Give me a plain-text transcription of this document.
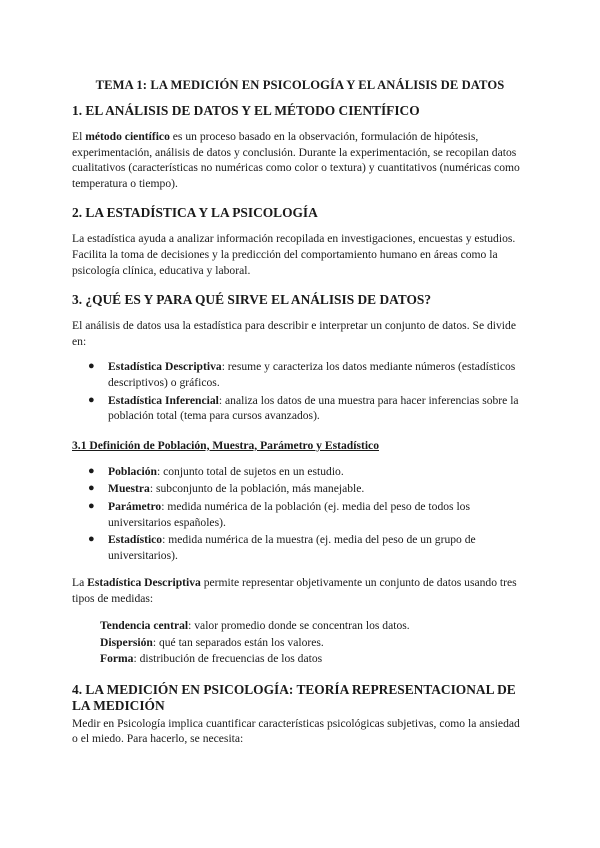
TEMA 1: LA MEDICIÓN EN PSICOLOGÍA Y EL ANÁLISIS DE DATOS
1. EL ANÁLISIS DE DATOS Y EL MÉTODO CIENTÍFICO

El método científico es un proceso basado en la observación, formulación de hipótesis, experimentación, análisis de datos y conclusión. Durante la experimentación, se recopilan datos cualitativos (características no numéricas como color o textura) y cuantitativos (numéricas como temperatura o tiempo).

2. LA ESTADÍSTICA Y LA PSICOLOGÍA

La estadística ayuda a analizar información recopilada en investigaciones, encuestas y estudios. Facilita la toma de decisiones y la predicción del comportamiento humano en áreas como la psicología clínica, educativa y laboral.

3. ¿QUÉ ES Y PARA QUÉ SIRVE EL ANÁLISIS DE DATOS?

El análisis de datos usa la estadística para describir e interpretar un conjunto de datos. Se divide en:

● Estadística Descriptiva: resume y caracteriza los datos mediante números (estadísticos descriptivos) o gráficos.
● Estadística Inferencial: analiza los datos de una muestra para hacer inferencias sobre la población total (tema para cursos avanzados).
3.1 Definición de Población, Muestra, Parámetro y Estadístico
● Población: conjunto total de sujetos en un estudio.
● Muestra: subconjunto de la población, más manejable.
● Parámetro: medida numérica de la población (ej. media del peso de todos los universitarios españoles).
● Estadístico: medida numérica de la muestra (ej. media del peso de un grupo de universitarios).

La Estadística Descriptiva permite representar objetivamente un conjunto de datos usando tres tipos de medidas:

Tendencia central: valor promedio donde se concentran los datos.
Dispersión: qué tan separados están los valores.
Forma: distribución de frecuencias de los datos
4. LA MEDICIÓN EN PSICOLOGÍA: TEORÍA REPRESENTACIONAL DE LA MEDICIÓN

Medir en Psicología implica cuantificar características psicológicas subjetivas, como la ansiedad o el miedo. Para hacerlo, se necesita:
